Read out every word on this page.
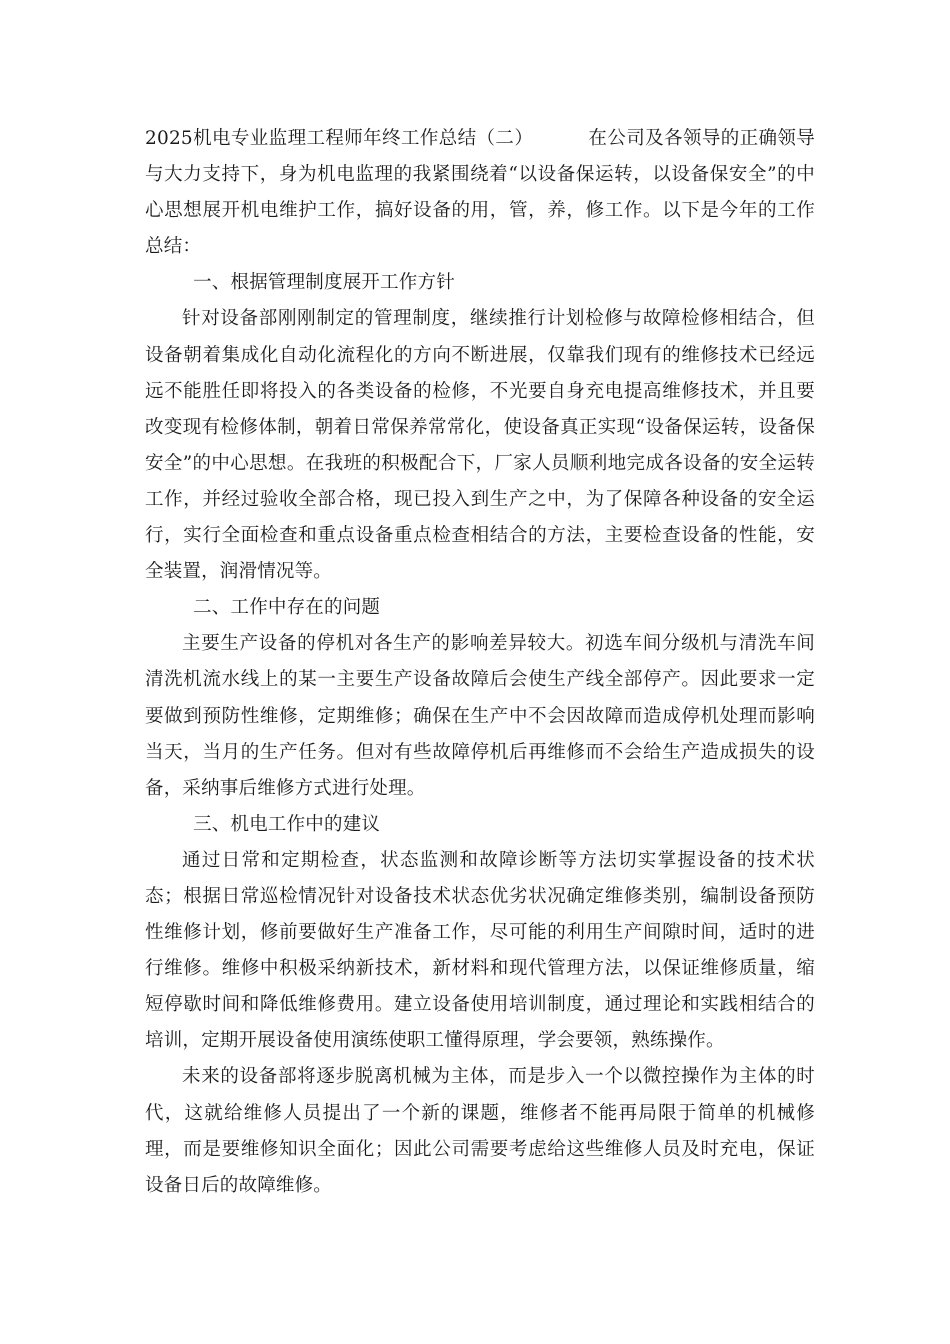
2025机电专业监理工程师年终工作总结（二）	在公司及各领导的正确领导与大力支持下，身为机电监理的我紧围绕着“以设备保运转，以设备保安全”的中心思想展开机电维护工作，搞好设备的用，管，养，修工作。以下是今年的工作总结：

一、根据管理制度展开工作方针

针对设备部刚刚制定的管理制度，继续推行计划检修与故障检修相结合，但设备朝着集成化自动化流程化的方向不断进展，仅靠我们现有的维修技术已经远远不能胜任即将投入的各类设备的检修，不光要自身充电提高维修技术，并且要改变现有检修体制，朝着日常保养常常化，使设备真正实现“设备保运转，设备保安全”的中心思想。在我班的积极配合下，厂家人员顺利地完成各设备的安全运转工作，并经过验收全部合格，现已投入到生产之中，为了保障各种设备的安全运行，实行全面检查和重点设备重点检查相结合的方法，主要检查设备的性能，安全装置，润滑情况等。

二、工作中存在的问题

主要生产设备的停机对各生产的影响差异较大。初选车间分级机与清洗车间清洗机流水线上的某一主要生产设备故障后会使生产线全部停产。因此要求一定要做到预防性维修，定期维修；确保在生产中不会因故障而造成停机处理而影响当天，当月的生产任务。但对有些故障停机后再维修而不会给生产造成损失的设备，采纳事后维修方式进行处理。

三、机电工作中的建议

通过日常和定期检查，状态监测和故障诊断等方法切实掌握设备的技术状态；根据日常巡检情况针对设备技术状态优劣状况确定维修类别，编制设备预防性维修计划，修前要做好生产准备工作，尽可能的利用生产间隙时间，适时的进行维修。维修中积极采纳新技术，新材料和现代管理方法，以保证维修质量，缩短停歇时间和降低维修费用。建立设备使用培训制度，通过理论和实践相结合的培训，定期开展设备使用演练使职工懂得原理，学会要领，熟练操作。

未来的设备部将逐步脱离机械为主体，而是步入一个以微控操作为主体的时代，这就给维修人员提出了一个新的课题，维修者不能再局限于简单的机械修理，而是要维修知识全面化；因此公司需要考虑给这些维修人员及时充电，保证设备日后的故障维修。
